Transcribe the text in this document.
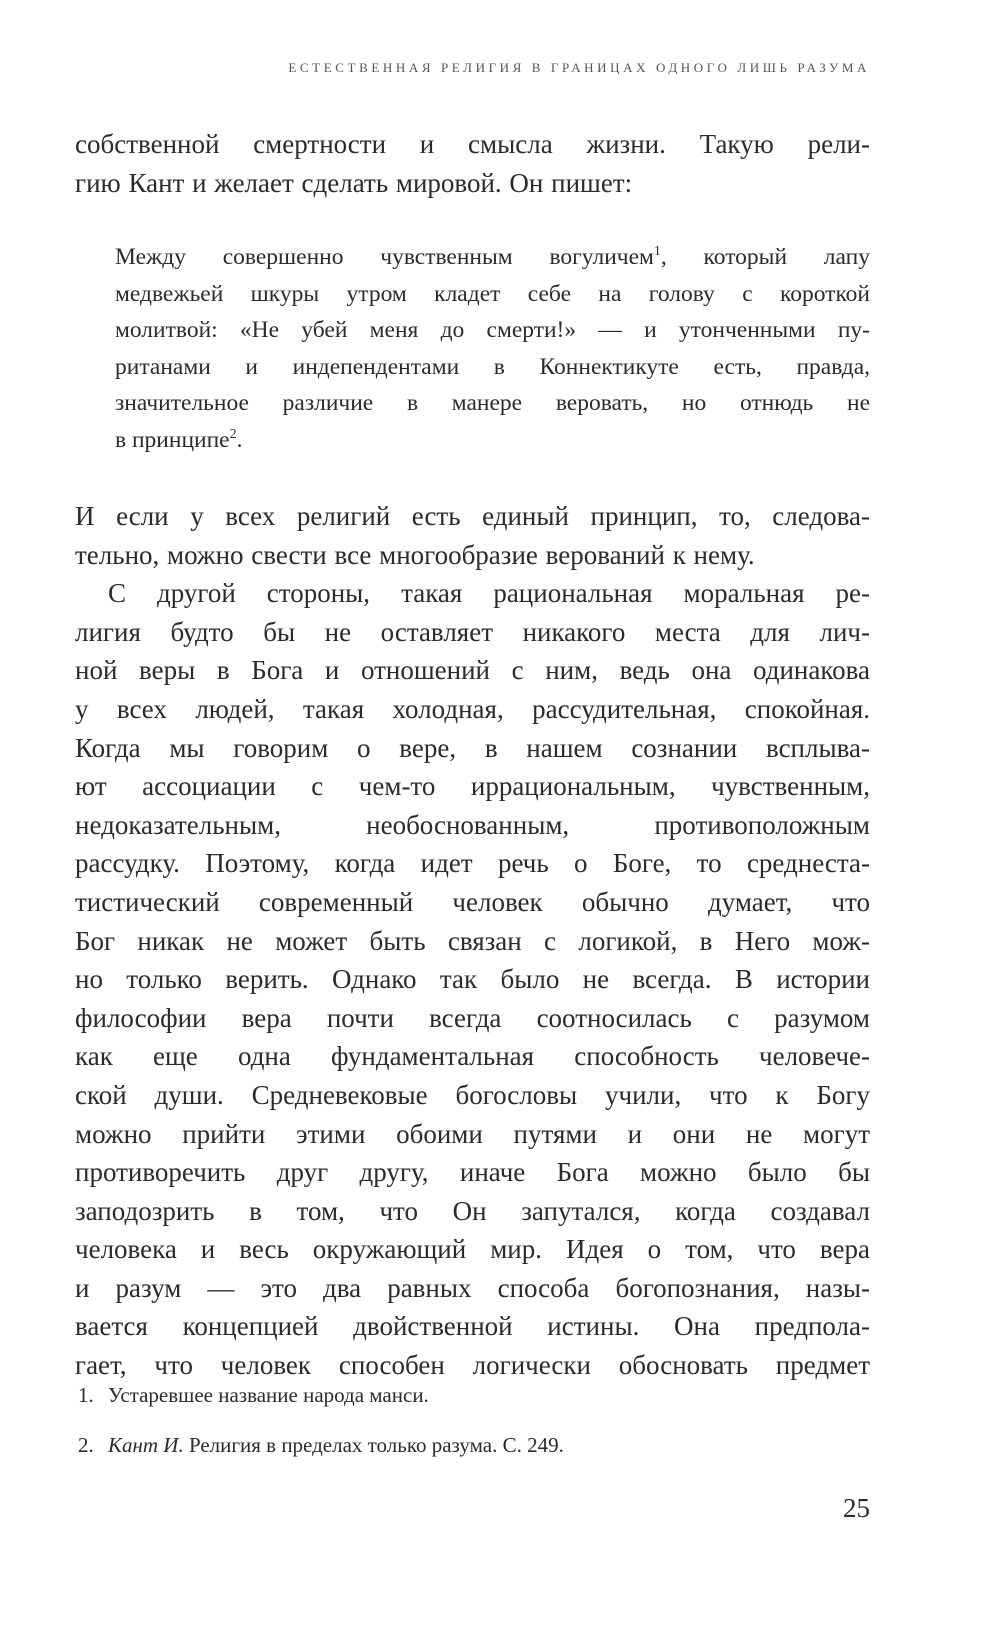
ЕСТЕСТВЕННАЯ РЕЛИГИЯ В ГРАНИЦАХ ОДНОГО ЛИШЬ РАЗУМА
собственной смертности и смысла жизни. Такую рели-
гию Кант и желает сделать мировой. Он пишет:
Между совершенно чувственным вогуличем$^1$, который лапу
медвежьей шкуры утром кладет себе на голову с короткой
молитвой: «Не убей меня до смерти!» — и утонченными пу-
ританами и индепендентами в Коннектикуте есть, правда,
значительное различие в манере веровать, но отнюдь не
в принципе$^2$.
И если у всех религий есть единый принцип, то, следова-
тельно, можно свести все многообразие верований к нему.
С другой стороны, такая рациональная моральная ре-
лигия будто бы не оставляет никакого места для лич-
ной веры в Бога и отношений с ним, ведь она одинакова
у всех людей, такая холодная, рассудительная, спокойная.
Когда мы говорим о вере, в нашем сознании всплыва-
ют ассоциации с чем-то иррациональным, чувственным,
недоказательным, необоснованным, противоположным
рассудку. Поэтому, когда идет речь о Боге, то среднеста-
тистический современный человек обычно думает, что
Бог никак не может быть связан с логикой, в Него мож-
но только верить. Однако так было не всегда. В истории
философии вера почти всегда соотносилась с разумом
как еще одна фундаментальная способность человече-
ской души. Средневековые богословы учили, что к Богу
можно прийти этими обоими путями и они не могут
противоречить друг другу, иначе Бога можно было бы
заподозрить в том, что Он запутался, когда создавал
человека и весь окружающий мир. Идея о том, что вера
и разум — это два равных способа богопознания, назы-
вается концепцией двойственной истины. Она предпола-
гает, что человек способен логически обосновать предмет
1. Устаревшее название народа манси.
2. Кант И. Религия в пределах только разума. С. 249.
25
